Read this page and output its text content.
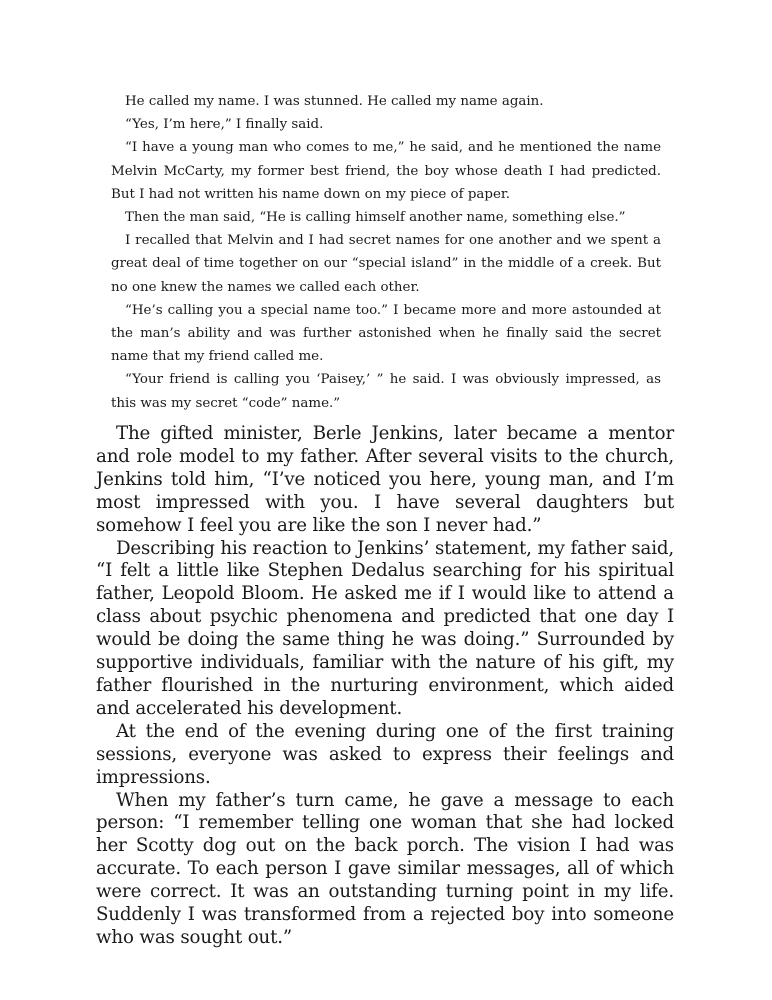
He called my name. I was stunned. He called my name again.

“Yes, I’m here,” I finally said.

“I have a young man who comes to me,” he said, and he mentioned the name Melvin McCarty, my former best friend, the boy whose death I had predicted. But I had not written his name down on my piece of paper.

Then the man said, “He is calling himself another name, something else.”

I recalled that Melvin and I had secret names for one another and we spent a great deal of time together on our “special island” in the middle of a creek. But no one knew the names we called each other.

“He’s calling you a special name too.” I became more and more astounded at the man’s ability and was further astonished when he finally said the secret name that my friend called me.

“Your friend is calling you ‘Paisey,’ ” he said. I was obviously impressed, as this was my secret “code” name.”

The gifted minister, Berle Jenkins, later became a mentor and role model to my father. After several visits to the church, Jenkins told him, “I’ve noticed you here, young man, and I’m most impressed with you. I have several daughters but somehow I feel you are like the son I never had.”

Describing his reaction to Jenkins’ statement, my father said, “I felt a little like Stephen Dedalus searching for his spiritual father, Leopold Bloom. He asked me if I would like to attend a class about psychic phenomena and predicted that one day I would be doing the same thing he was doing.” Surrounded by supportive individuals, familiar with the nature of his gift, my father flourished in the nurturing environment, which aided and accelerated his development.

At the end of the evening during one of the first training sessions, everyone was asked to express their feelings and impressions.

When my father’s turn came, he gave a message to each person: “I remember telling one woman that she had locked her Scotty dog out on the back porch. The vision I had was accurate. To each person I gave similar messages, all of which were correct. It was an outstanding turning point in my life. Suddenly I was transformed from a rejected boy into someone who was sought out.”
